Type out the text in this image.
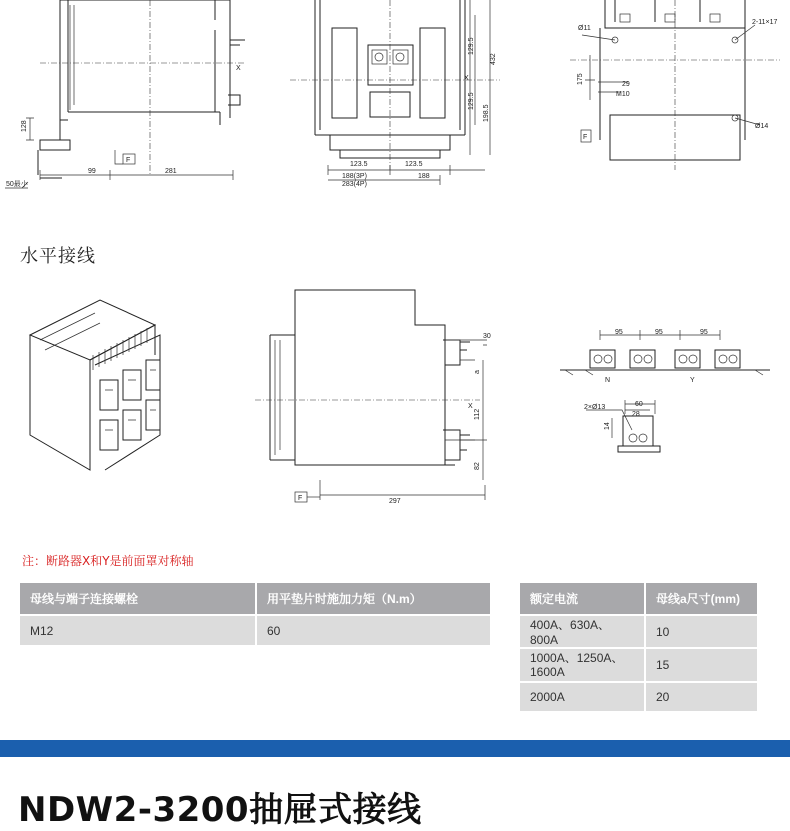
128
50最小
99	281
F
X
129.5
129.5
198.5
432
123.5	123.5
188(3P)
283(4P)
188
X
Ø11
2-11×17
175	29
M10
Ø14
F
水平接线
30
a
112
82
297
X
F
95	95	95
N	Y
2×Ø13	60
28
14
注：断路器X和Y是前面罩对称轴
母线与端子连接螺栓	用平垫片时施加力矩（N.m）
M12	60
额定电流	母线a尺寸(mm)
400A、630A、800A	10
1000A、1250A、1600A	15
2000A	20
NDW2-3200抽屉式接线
